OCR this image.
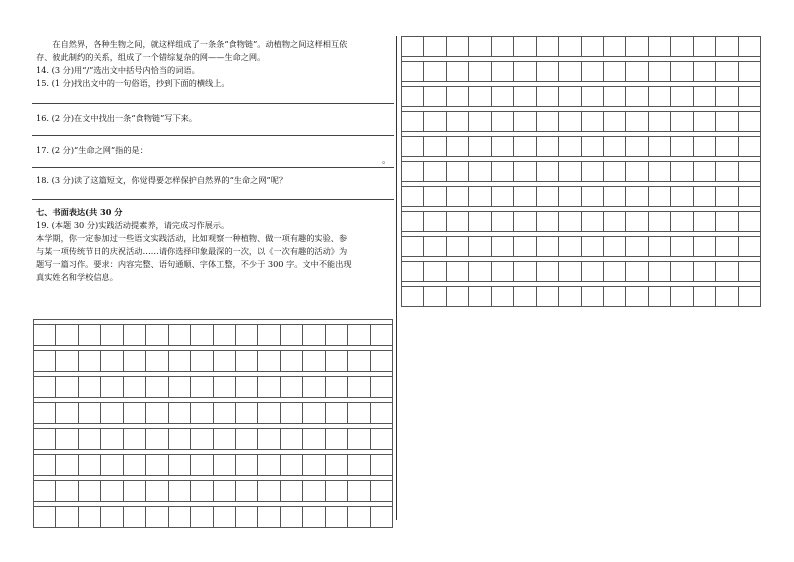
在自然界，各种生物之间，就这样组成了一条条“食物链”。动植物之间这样相互依

存、彼此制约的关系，组成了一个错综复杂的网——生命之网。

14. (3 分)用“/”选出文中括号内恰当的词语。

15. (1 分)找出文中的一句俗语，抄到下面的横线上。

16. (2 分)在文中找出一条“食物链”写下来。

17. (2 分)“生命之网”指的是：

。

18. (3 分)读了这篇短文，你觉得要怎样保护自然界的“生命之网”呢？

七、书面表达(共 30 分

19. (本题 30 分)实践活动提素养，请完成习作展示。

本学期，你一定参加过一些语文实践活动，比如观察一种植物、做一项有趣的实验、参

与某一项传统节日的庆祝活动……请你选择印象最深的一次，以《一次有趣的活动》为

题写一篇习作。要求：内容完整、语句通顺、字体工整，不少于 300 字。文中不能出现

真实姓名和学校信息。
